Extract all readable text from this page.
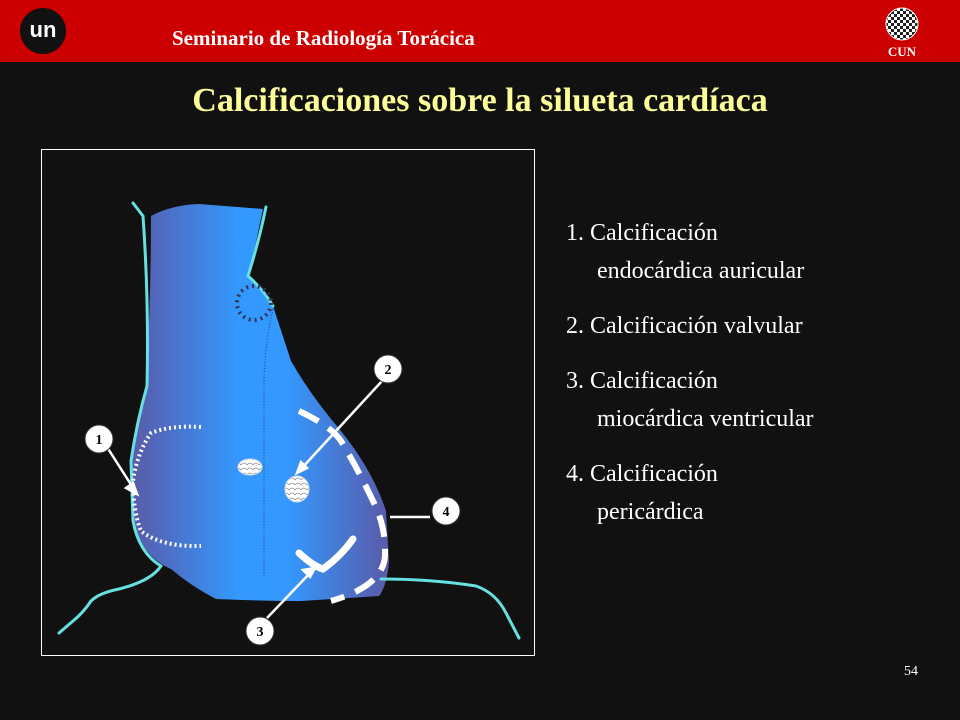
un	Seminario de Radiología Torácica
CUN
Calcificaciones sobre la silueta cardíaca
1
2
3
4
1. Calcificación
endocárdica auricular
2. Calcificación valvular
3. Calcificación
miocárdica ventricular
4. Calcificación
pericárdica
54
